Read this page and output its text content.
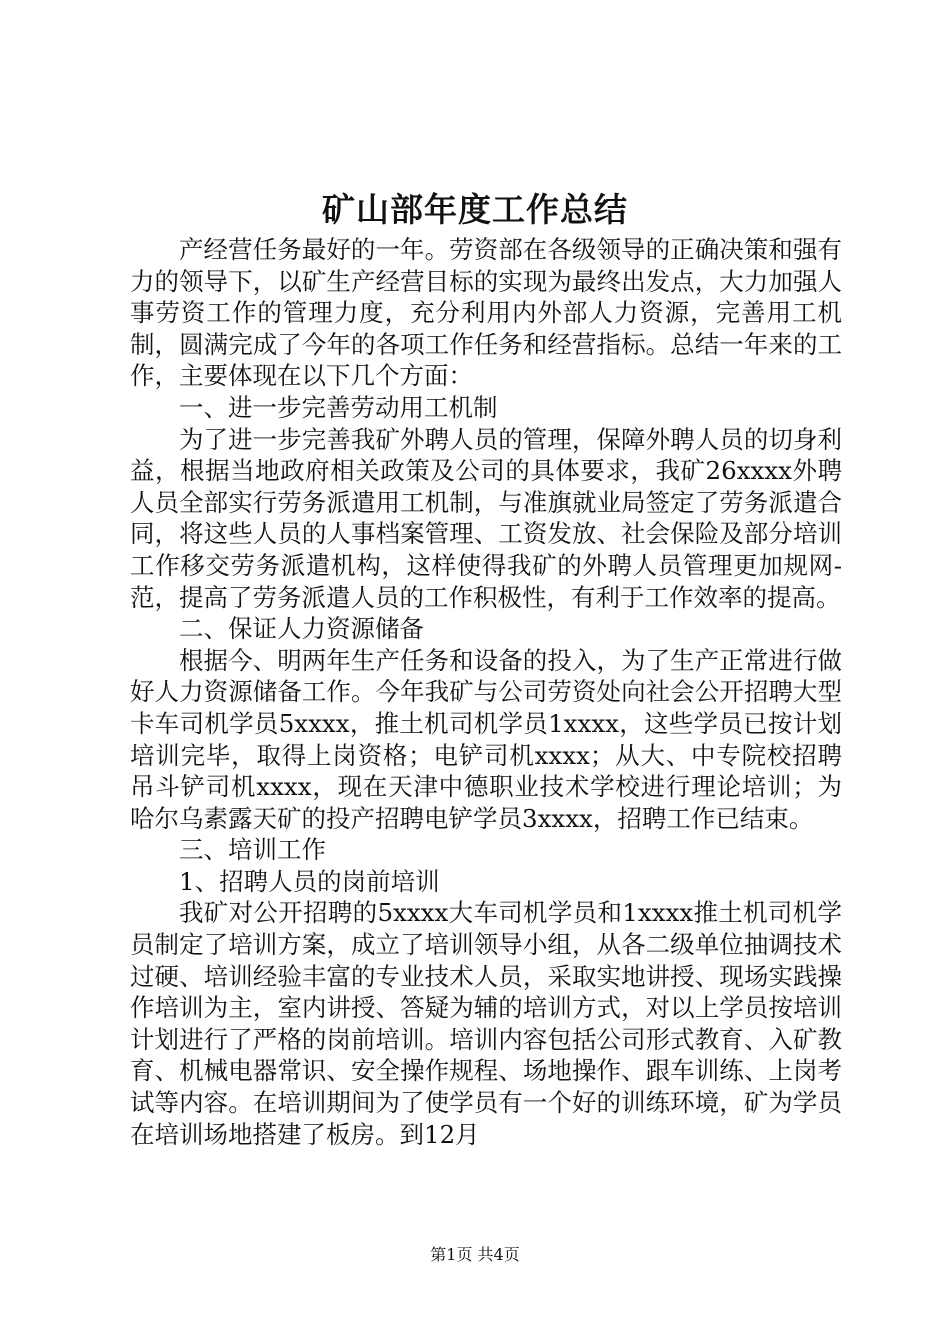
矿山部年度工作总结

产经营任务最好的一年。劳资部在各级领导的正确决策和强有力的领导下，以矿生产经营目标的实现为最终出发点，大力加强人事劳资工作的管理力度，充分利用内外部人力资源，完善用工机制，圆满完成了今年的各项工作任务和经营指标。总结一年来的工作，主要体现在以下几个方面：

一、进一步完善劳动用工机制

为了进一步完善我矿外聘人员的管理，保障外聘人员的切身利益，根据当地政府相关政策及公司的具体要求，我矿26xxxx外聘人员全部实行劳务派遣用工机制，与准旗就业局签定了劳务派遣合同，将这些人员的人事档案管理、工资发放、社会保险及部分培训工作移交劳务派遣机构，这样使得我矿的外聘人员管理更加规网-范，提高了劳务派遣人员的工作积极性，有利于工作效率的提高。

二、保证人力资源储备

根据今、明两年生产任务和设备的投入，为了生产正常进行做好人力资源储备工作。今年我矿与公司劳资处向社会公开招聘大型卡车司机学员5xxxx，推土机司机学员1xxxx，这些学员已按计划培训完毕，取得上岗资格；电铲司机xxxx；从大、中专院校招聘吊斗铲司机xxxx，现在天津中德职业技术学校进行理论培训；为哈尔乌素露天矿的投产招聘电铲学员3xxxx，招聘工作已结束。

三、培训工作

1、招聘人员的岗前培训

我矿对公开招聘的5xxxx大车司机学员和1xxxx推土机司机学员制定了培训方案，成立了培训领导小组，从各二级单位抽调技术过硬、培训经验丰富的专业技术人员，采取实地讲授、现场实践操作培训为主，室内讲授、答疑为辅的培训方式，对以上学员按培训计划进行了严格的岗前培训。培训内容包括公司形式教育、入矿教育、机械电器常识、安全操作规程、场地操作、跟车训练、上岗考试等内容。在培训期间为了使学员有一个好的训练环境，矿为学员在培训场地搭建了板房。到12月

第1页 共4页
